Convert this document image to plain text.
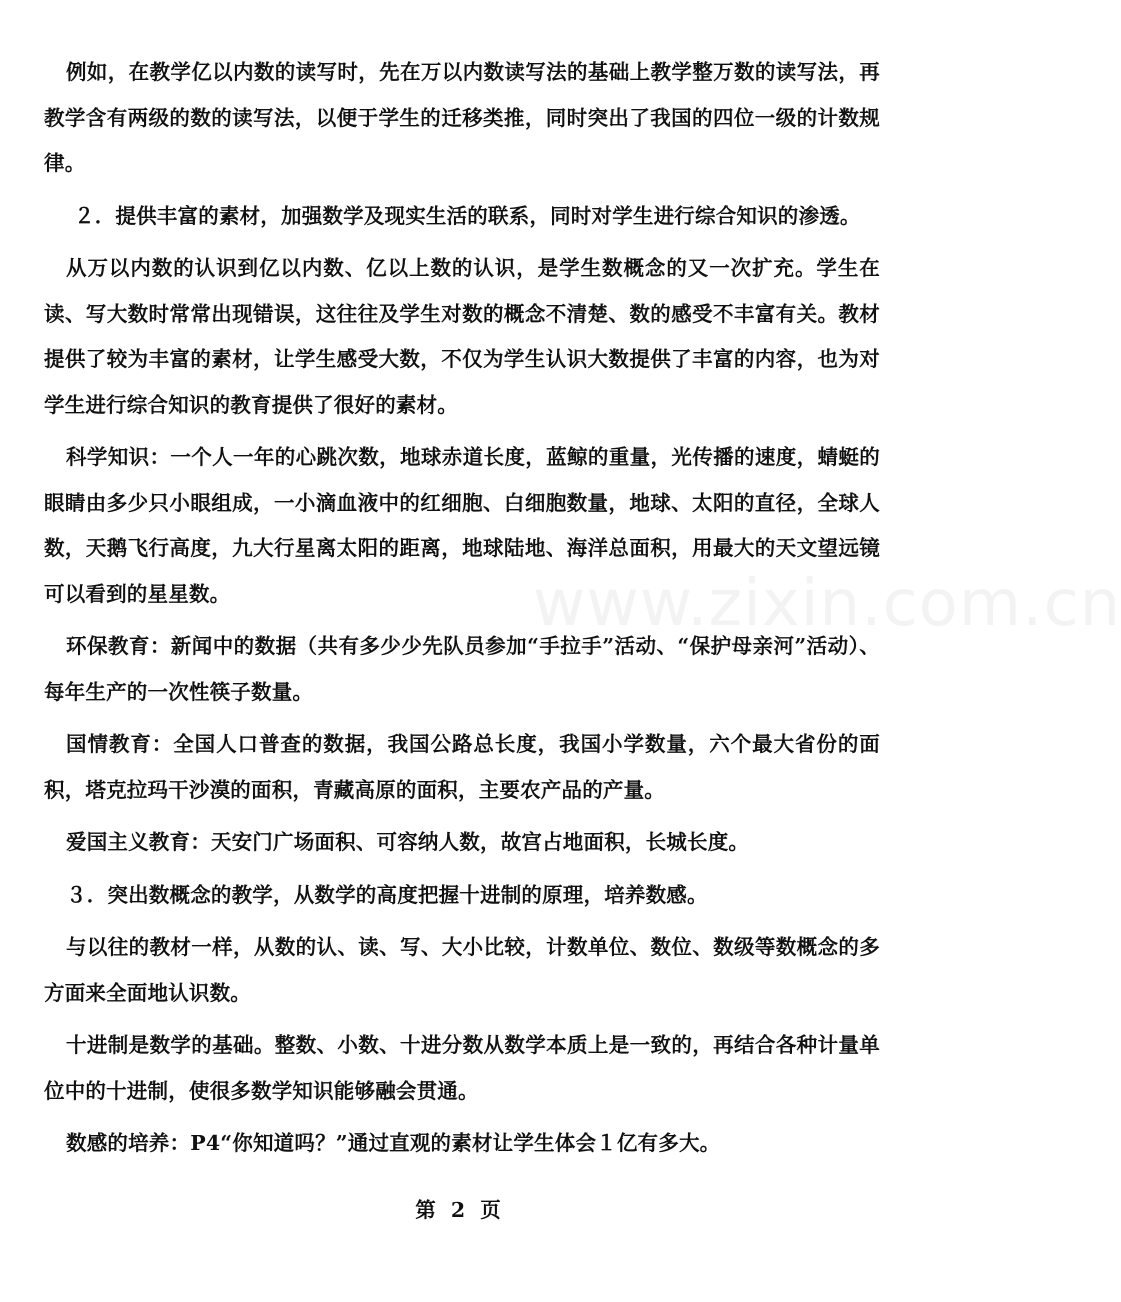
www.zixin.com.cn

例如，在教学亿以内数的读写时，先在万以内数读写法的基础上教学整万数的读写法，再教学含有两级的数的读写法，以便于学生的迁移类推，同时突出了我国的四位一级的计数规律。

２．提供丰富的素材，加强数学及现实生活的联系，同时对学生进行综合知识的渗透。

从万以内数的认识到亿以内数、亿以上数的认识，是学生数概念的又一次扩充。学生在读、写大数时常常出现错误，这往往及学生对数的概念不清楚、数的感受不丰富有关。教材提供了较为丰富的素材，让学生感受大数，不仅为学生认识大数提供了丰富的内容，也为对学生进行综合知识的教育提供了很好的素材。

科学知识：一个人一年的心跳次数，地球赤道长度，蓝鲸的重量，光传播的速度，蜻蜓的眼睛由多少只小眼组成，一小滴血液中的红细胞、白细胞数量，地球、太阳的直径，全球人数，天鹅飞行高度，九大行星离太阳的距离，地球陆地、海洋总面积，用最大的天文望远镜可以看到的星星数。

环保教育：新闻中的数据（共有多少少先队员参加“手拉手”活动、“保护母亲河”活动）、每年生产的一次性筷子数量。

国情教育：全国人口普查的数据，我国公路总长度，我国小学数量，六个最大省份的面积，塔克拉玛干沙漠的面积，青藏高原的面积，主要农产品的产量。

爱国主义教育：天安门广场面积、可容纳人数，故宫占地面积，长城长度。

３．突出数概念的教学，从数学的高度把握十进制的原理，培养数感。

与以往的教材一样，从数的认、读、写、大小比较，计数单位、数位、数级等数概念的多方面来全面地认识数。

十进制是数学的基础。整数、小数、十进分数从数学本质上是一致的，再结合各种计量单位中的十进制，使很多数学知识能够融会贯通。

数感的培养：P4“你知道吗？”通过直观的素材让学生体会１亿有多大。

第 2 页
